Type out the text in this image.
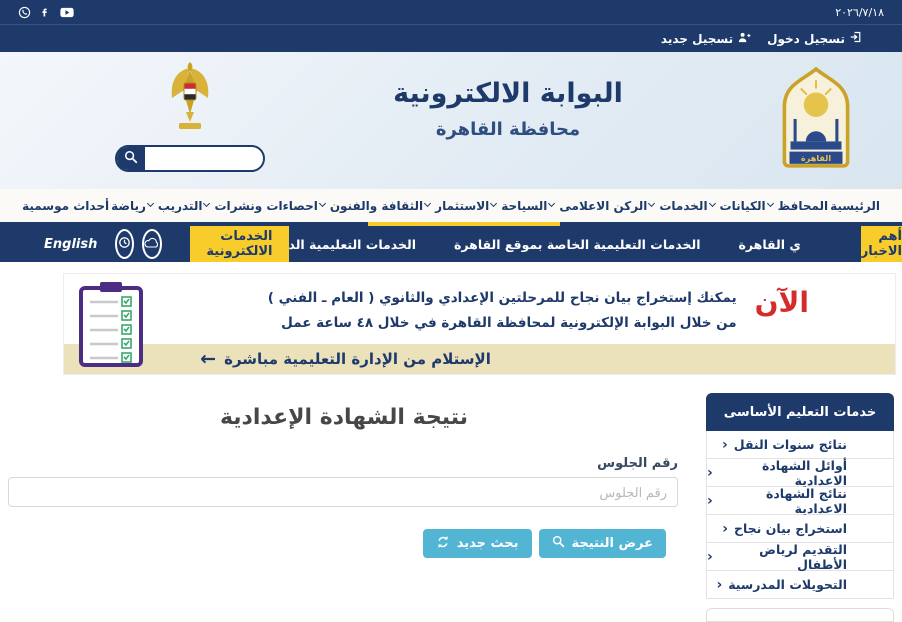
٢٠٢٦/٧/١٨
تسجيل دخول
تسجيل جديد
البوابة الالكترونية
محافظة القاهرة
القاهرة
الرئيسية
المحافظ
الكيانات
الخدمات
الركن الاعلامى
السياحة
الاستثمار
الثقافة والفنون
احصاءات ونشرات
التدريب
رياضة
أحداث موسمية
أهم الاخبار
ي القاهرة
الخدمات التعليمية الخاصة بموقع القاهرة
الخدمات التعليمية الد
الخدمات الالكترونية
English
الآن
يمكنك إستخراج بيان نجاح للمرحلتين الإعدادي والثانوي ( العام ـ الفني )
من خلال البوابة الإلكترونية لمحافظة القاهرة في خلال ٤٨ ساعة عمل
الإستلام من الإدارة التعليمية مباشرة
←
خدمات التعليم الأساسى
نتائج سنوات النقل
‹
أوائل الشهادة الاعدادية
‹
نتائج الشهادة الاعدادية
‹
استخراج بيان نجاح
‹
التقديم لرياض الأطفال
‹
التحويلات المدرسية
‹
نتيجة الشهادة الإعدادية
رقم الجلوس
رقم الجلوس
عرض النتيجة
بحث جديد
